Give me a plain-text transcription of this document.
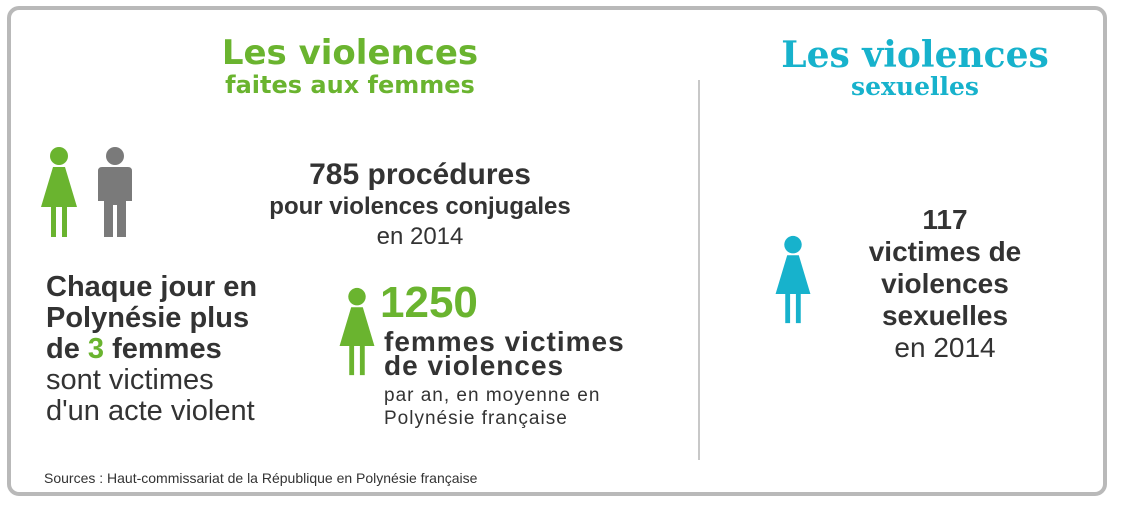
Les violences
faites aux femmes
785 procédures
pour violences conjugales
en 2014
Chaque jour en
Polynésie plus
de 3 femmes
sont victimes
d'un acte violent
1250
femmes victimes
de violences
par an, en moyenne en
Polynésie française
Les violences
sexuelles
117
victimes de
violences
sexuelles
en 2014
Sources : Haut-commissariat de la République en Polynésie française
